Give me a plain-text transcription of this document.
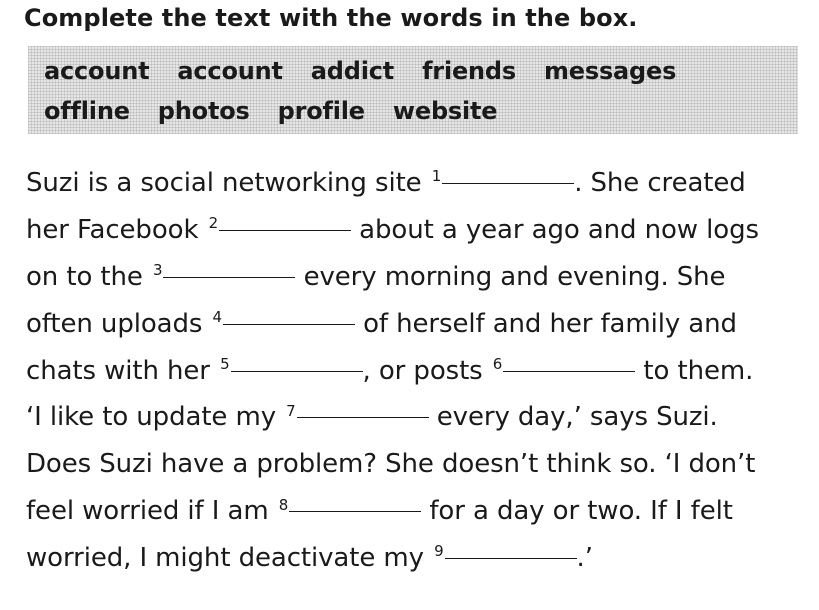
Complete the text with the words in the box.
account account addict friends messages
offline photos profile website
Suzi is a social networking site $^1$	. She created
her Facebook $^2$	about a year ago and now logs
on to the $^3$	every morning and evening. She
often uploads $^4$	of herself and her family and
chats with her $^5$	, or posts $^6$	to them.
‘I like to update my $^7$	every day,’ says Suzi.
Does Suzi have a problem? She doesn’t think so. ‘I don’t
feel worried if I am $^8$	for a day or two. If I felt
worried, I might deactivate my $^9$	.’
